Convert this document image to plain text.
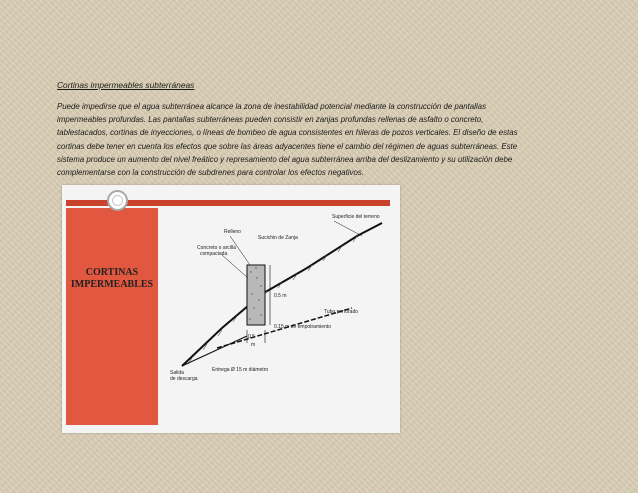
Cortinas impermeables subterráneas
Puede impedirse que el agua subterránea alcance la zona de inestabilidad potencial mediante la construcción de pantallas
impermeables profundas. Las pantallas subterráneas pueden consistir en zanjas profundas rellenas de asfalto o concreto,
tablestacados, cortinas de inyecciones, o líneas de bombeo de agua consistentes en hileras de pozos verticales. El diseño de estas
cortinas debe tener en cuenta los efectos que sobre las áreas adyacentes tiene el cambio del régimen de aguas subterráneas. Este
sistema produce un aumento del nivel freático y represamiento del agua subterránea arriba del deslizamiento y su utilización debe
complementarse con la construcción de subdrenes para controlar los efectos negativos.
CORTINAS
IMPERMEABLES
Superficie del terreno
Relleno
Sucichin de Zanja
Concreto o arcilla
compactada
0.5 m
Tubo perforado
0.5
m
0.15 m de empotramiento
Salida
de descarga
Entrega Ø 15 m diámetro
